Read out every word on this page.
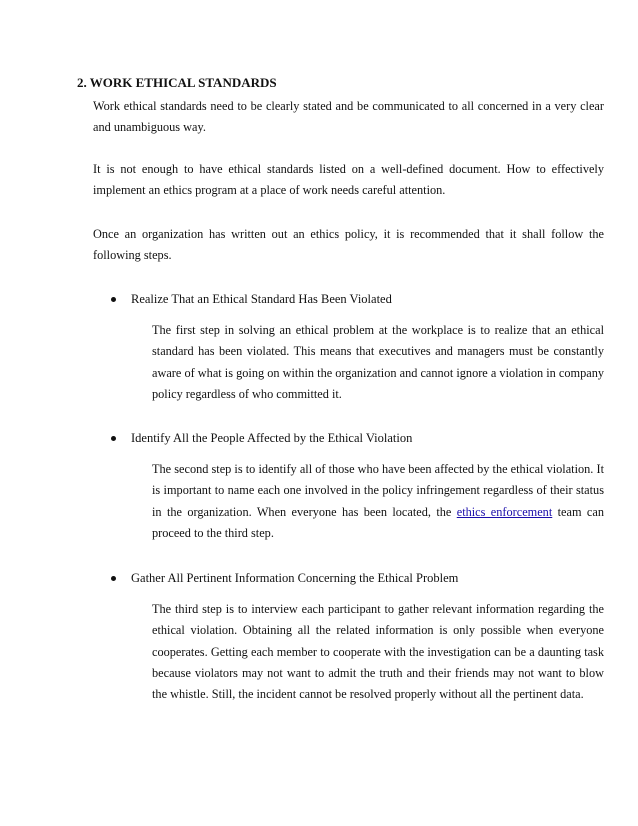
2. WORK ETHICAL STANDARDS

Work ethical standards need to be clearly stated and be communicated to all concerned in a very clear and unambiguous way.

It is not enough to have ethical standards listed on a well-defined document. How to effectively implement an ethics program at a place of work needs careful attention.

Once an organization has written out an ethics policy, it is recommended that it shall follow the following steps.

Realize That an Ethical Standard Has Been Violated

The first step in solving an ethical problem at the workplace is to realize that an ethical standard has been violated. This means that executives and managers must be constantly aware of what is going on within the organization and cannot ignore a violation in company policy regardless of who committed it.

Identify All the People Affected by the Ethical Violation

The second step is to identify all of those who have been affected by the ethical violation. It is important to name each one involved in the policy infringement regardless of their status in the organization. When everyone has been located, the ethics enforcement team can proceed to the third step.

Gather All Pertinent Information Concerning the Ethical Problem

The third step is to interview each participant to gather relevant information regarding the ethical violation. Obtaining all the related information is only possible when everyone cooperates. Getting each member to cooperate with the investigation can be a daunting task because violators may not want to admit the truth and their friends may not want to blow the whistle. Still, the incident cannot be resolved properly without all the pertinent data.
